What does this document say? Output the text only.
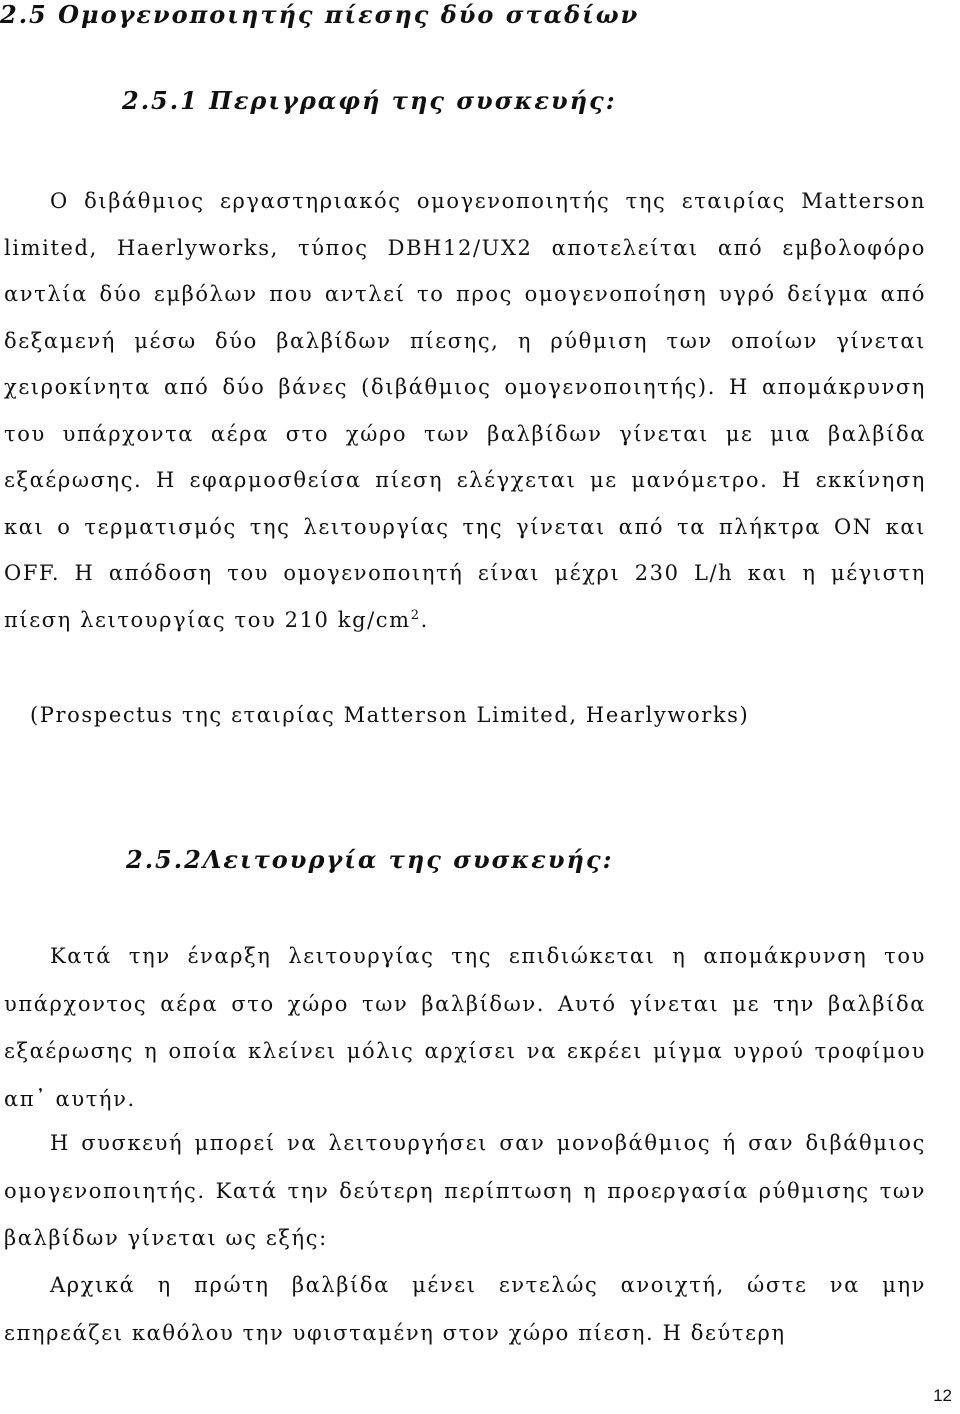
2.5 Ομογενοποιητής πίεσης δύο σταδίων
2.5.1 Περιγραφή της συσκευής:

Ο διβάθμιος εργαστηριακός ομογενοποιητής της εταιρίας Matterson limited, Haerlyworks, τύπος DBH12/UX2 αποτελείται από εμβολοφόρο αντλία δύο εμβόλων που αντλεί το προς ομογενοποίηση υγρό δείγμα από δεξαμενή μέσω δύο βαλβίδων πίεσης, η ρύθμιση των οποίων γίνεται χειροκίνητα από δύο βάνες (διβάθμιος ομογενοποιητής). Η απομάκρυνση του υπάρχοντα αέρα στο χώρο των βαλβίδων γίνεται με μια βαλβίδα εξαέρωσης. Η εφαρμοσθείσα πίεση ελέγχεται με μανόμετρο. Η εκκίνηση και ο τερματισμός της λειτουργίας της γίνεται από τα πλήκτρα ON και OFF. Η απόδοση του ομογενοποιητή είναι μέχρι 230 L/h και η μέγιστη πίεση λειτουργίας του 210 $kg/cm^2$.

(Prospectus της εταιρίας Matterson Limited, Hearlyworks)

2.5.2Λειτουργία της συσκευής:

Κατά την έναρξη λειτουργίας της επιδιώκεται η απομάκρυνση του υπάρχοντος αέρα στο χώρο των βαλβίδων. Αυτό γίνεται με την βαλβίδα εξαέρωσης η οποία κλείνει μόλις αρχίσει να εκρέει μίγμα υγρού τροφίμου απ᾽ αυτήν.

Η συσκευή μπορεί να λειτουργήσει σαν μονοβάθμιος ή σαν διβάθμιος ομογενοποιητής. Κατά την δεύτερη περίπτωση η προεργασία ρύθμισης των βαλβίδων γίνεται ως εξής:

Αρχικά η πρώτη βαλβίδα μένει εντελώς ανοιχτή, ώστε να μην επηρεάζει καθόλου την υφισταμένη στον χώρο πίεση. Η δεύτερη

12
